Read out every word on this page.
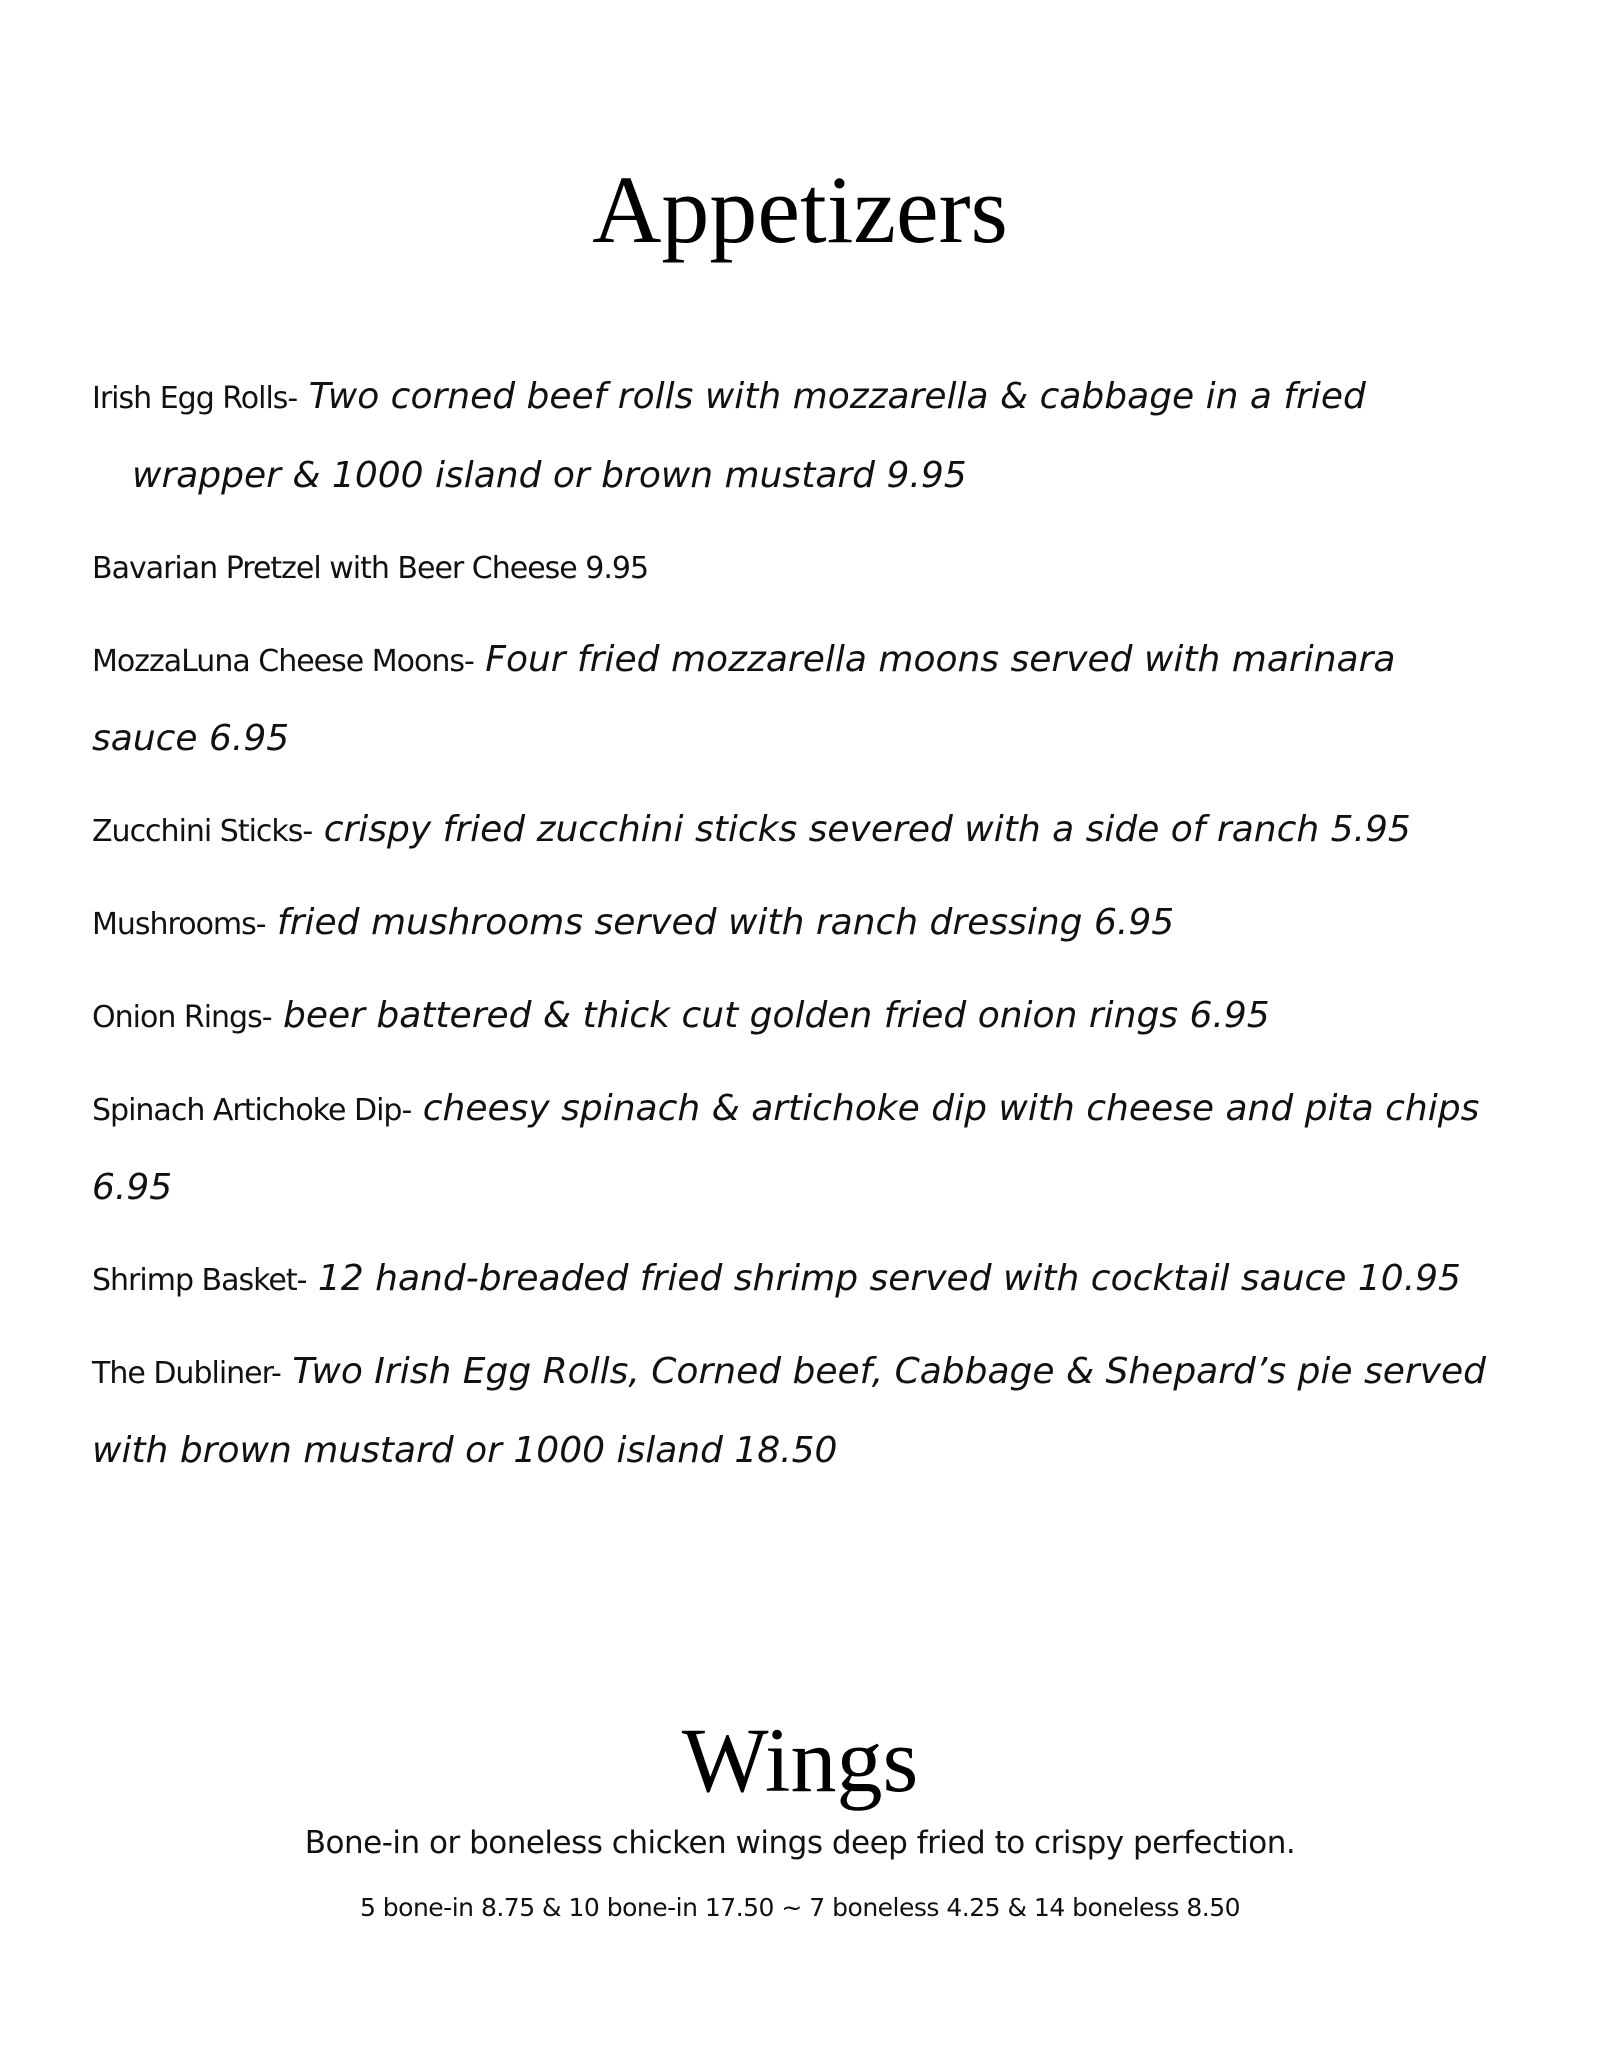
Appetizers

Irish Egg Rolls- Two corned beef rolls with mozzarella & cabbage in a fried wrapper & 1000 island or brown mustard 9.95

Bavarian Pretzel with Beer Cheese 9.95

MozzaLuna Cheese Moons- Four fried mozzarella moons served with marinara sauce 6.95

Zucchini Sticks- crispy fried zucchini sticks severed with a side of ranch 5.95

Mushrooms- fried mushrooms served with ranch dressing 6.95

Onion Rings- beer battered & thick cut golden fried onion rings 6.95

Spinach Artichoke Dip- cheesy spinach & artichoke dip with cheese and pita chips 6.95

Shrimp Basket- 12 hand-breaded fried shrimp served with cocktail sauce 10.95

The Dubliner- Two Irish Egg Rolls, Corned beef, Cabbage & Shepard’s pie served with brown mustard or 1000 island 18.50

Wings
Bone-in or boneless chicken wings deep fried to crispy perfection.
5 bone-in 8.75 & 10 bone-in 17.50 ~ 7 boneless 4.25 & 14 boneless 8.50
